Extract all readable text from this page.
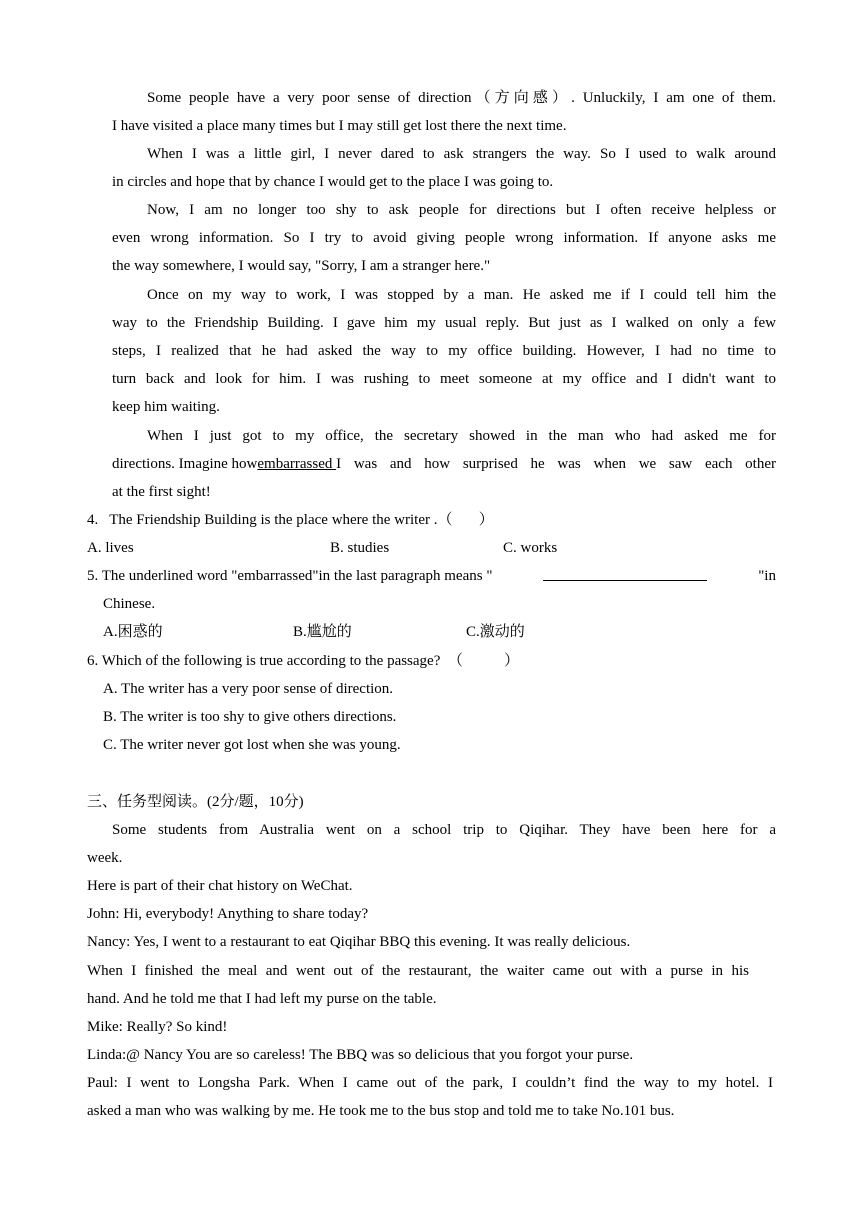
Some people have a very poor sense of direction（方向感）. Unluckily, I am one of them.
I have visited a place many times but I may still get lost there the next time.
When I was a little girl, I never dared to ask strangers the way. So I used to walk around
in circles and hope that by chance I would get to the place I was going to.
Now, I am no longer too shy to ask people for directions but I often receive helpless or
even wrong information. So I try to avoid giving people wrong information. If anyone asks me
the way somewhere, I would say, "Sorry, I am a stranger here."
Once on my way to work, I was stopped by a man. He asked me if I could tell him the
way to the Friendship Building. I gave him my usual reply. But just as I walked on only a few
steps, I realized that he had asked the way to my office building. However, I had no time to
turn back and look for him. I was rushing to meet someone at my office and I didn't want to
keep him waiting.
When I just got to my office, the secretary showed in the man who had asked me for
directions. Imagine how embarrassed I was and how surprised he was when we saw each other
at the first sight!
4.   The Friendship Building is the place where the writer .（       ）
A. lives	B. studies	C. works
5. The underlined word "embarrassed"in the last paragraph means "	"in
Chinese.
A.困惑的	B.尴尬的	C.激动的
6. Which of the following is true according to the passage?  （           ）
A. The writer has a very poor sense of direction.
B. The writer is too shy to give others directions.
C. The writer never got lost when she was young.
三、任务型阅读。(2分/题，10分)
Some students from Australia went on a school trip to Qiqihar. They have been here for a
week.
Here is part of their chat history on WeChat.
John: Hi, everybody! Anything to share today?
Nancy: Yes, I went to a restaurant to eat Qiqihar BBQ this evening. It was really delicious.
When I finished the meal and went out of the restaurant, the waiter came out with a purse in his
hand. And he told me that I had left my purse on the table.
Mike: Really? So kind!
Linda:@ Nancy You are so careless! The BBQ was so delicious that you forgot your purse.
Paul: I went to Longsha Park. When I came out of the park, I couldn’t find the way to my hotel. I
asked a man who was walking by me. He took me to the bus stop and told me to take No.101 bus.
